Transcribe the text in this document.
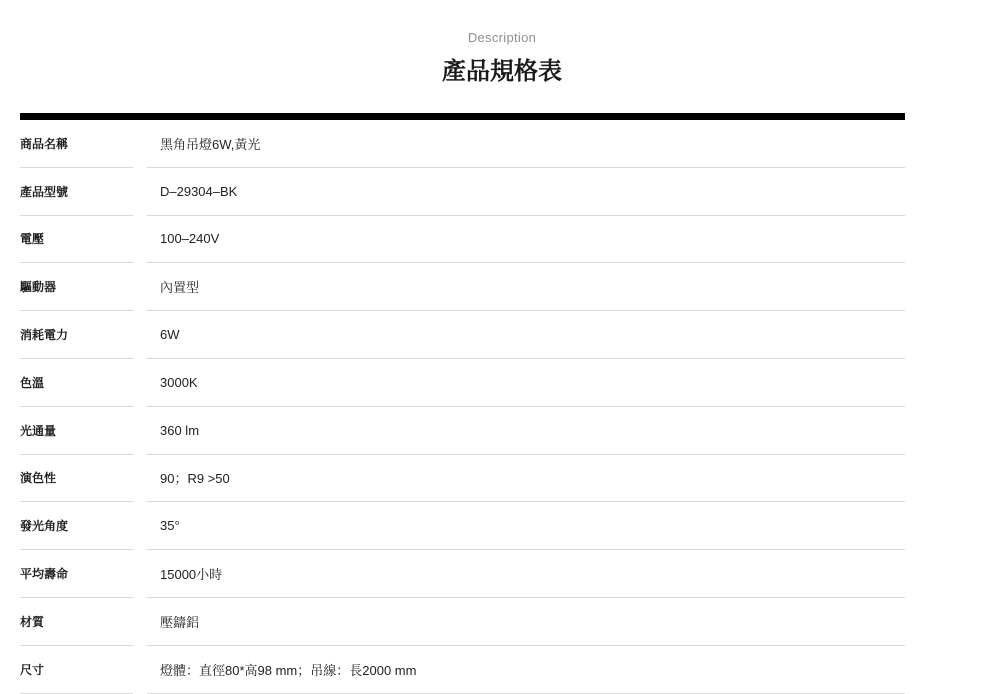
Description
產品規格表
商品名稱	黑角吊燈6W,黃光
產品型號	D–29304–BK
電壓	100–240V
驅動器	內置型
消耗電力	6W
色溫	3000K
光通量	360 lm
演色性	90；R9 >50
發光角度	35°
平均壽命	15000小時
材質	壓鑄鋁
尺寸	燈體：直徑80*高98 mm；吊線：長2000 mm
